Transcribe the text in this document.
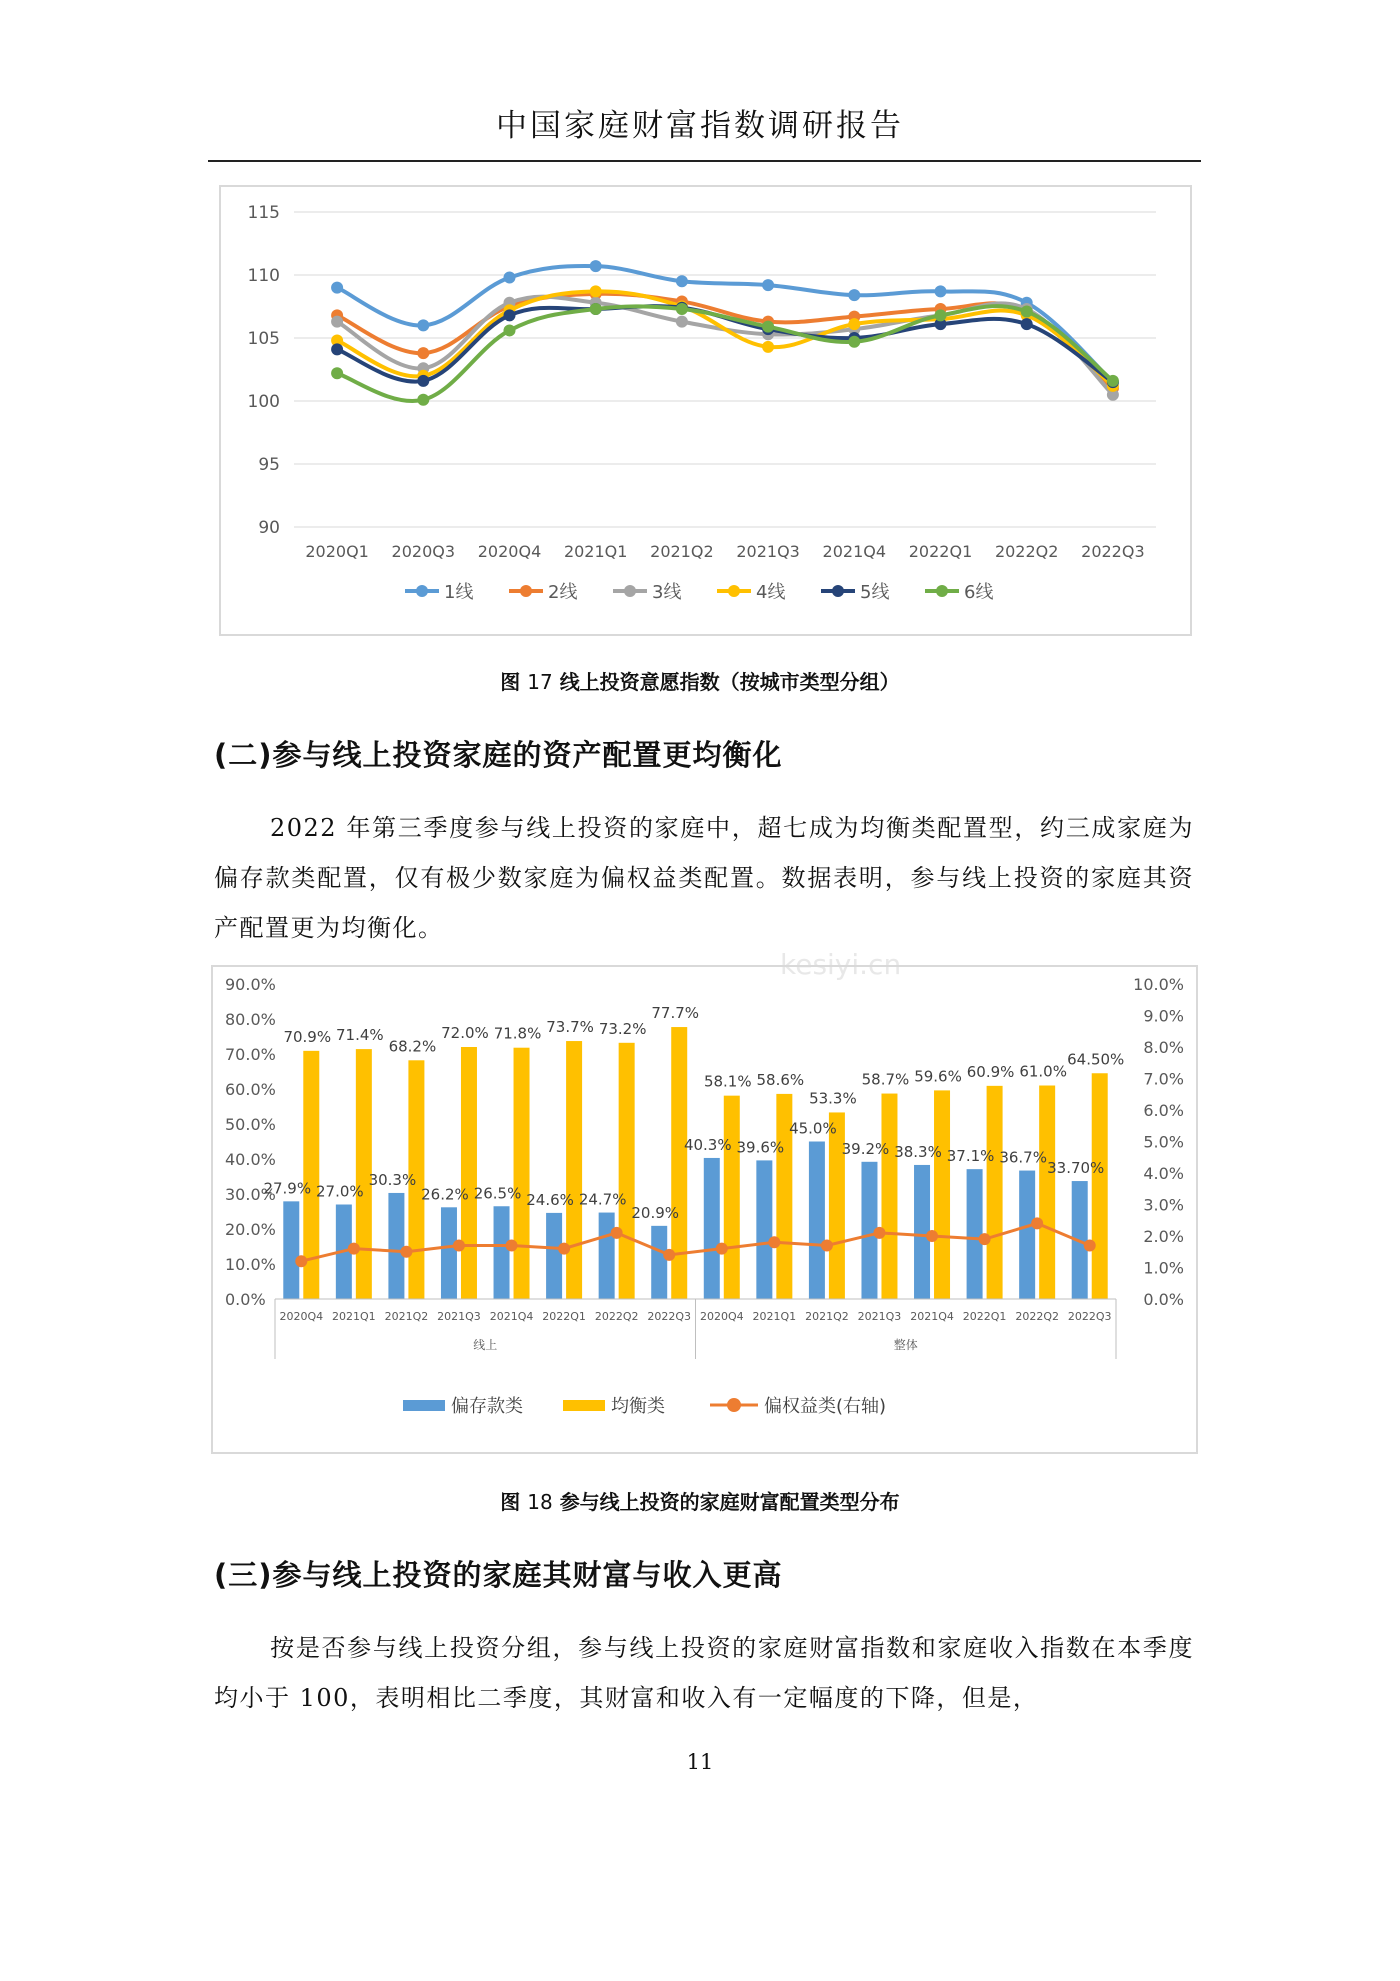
中国家庭财富指数调研报告
115
110
105
100
95
90
2020Q1 2020Q3 2020Q4 2021Q1 2021Q2 2021Q3 2021Q4 2022Q1 2022Q2 2022Q3
1线	2线	3线	4线	5线	6线
图 17 线上投资意愿指数（按城市类型分组）
(二)参与线上投资家庭的资产配置更均衡化
2022 年第三季度参与线上投资的家庭中，超七成为均衡类配置型，约三成家庭为偏存款类配置，仅有极少数家庭为偏权益类配置。数据表明，参与线上投资的家庭其资产配置更为均衡化。
0.0%
10.0%
20.0%
30.0%
40.0%
50.0%
60.0%
70.0%
80.0%
90.0%
0.0%
1.0%
2.0%
3.0%
4.0%
5.0%
6.0%
7.0%
8.0%
9.0%
10.0%
27.9%
70.9%
2020Q4
27.0%
71.4%
2021Q1
30.3%
68.2%
2021Q2
26.2%
72.0%
2021Q3
26.5%
71.8%
2021Q4
24.6%
73.7%
2022Q1
24.7%
73.2%
2022Q2
20.9%
77.7%
2022Q3
40.3%
58.1%
2020Q4
39.6%
58.6%
2021Q1
45.0%
53.3%
2021Q2
39.2%
58.7%
2021Q3
38.3%
59.6%
2021Q4
37.1%
60.9%
2022Q1
36.7%
61.0%
2022Q2
33.70%
64.50%
2022Q3
线上	整体
偏存款类	均衡类	偏权益类(右轴)
图 18 参与线上投资的家庭财富配置类型分布
(三)参与线上投资的家庭其财富与收入更高
按是否参与线上投资分组，参与线上投资的家庭财富指数和家庭收入指数在本季度均小于 100，表明相比二季度，其财富和收入有一定幅度的下降，但是，
11
kesiyi.cn
